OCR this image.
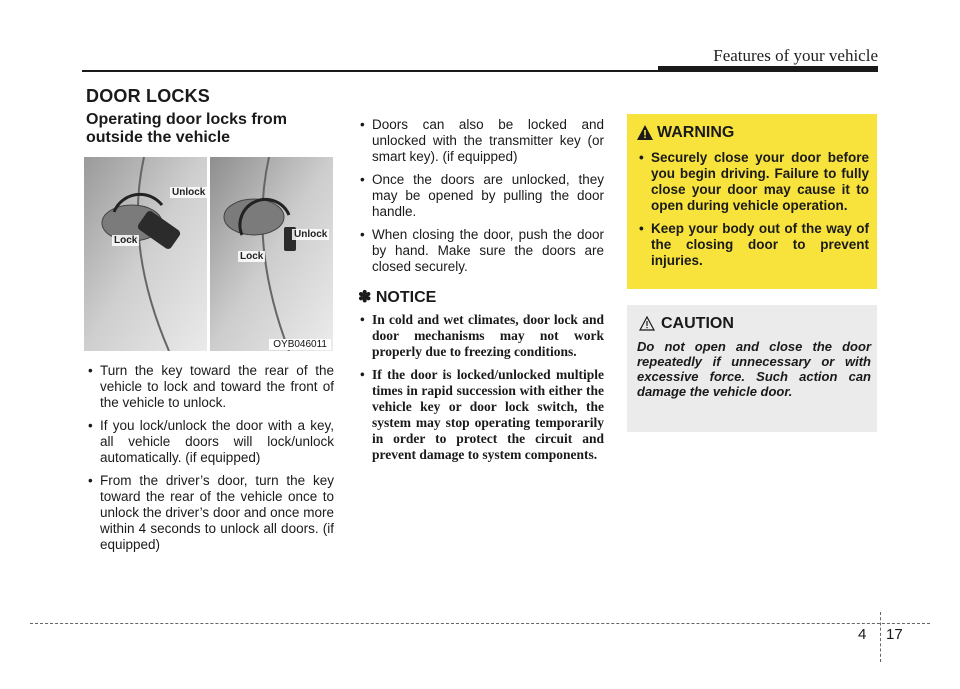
Features of your vehicle
DOOR LOCKS
Operating door locks from outside the vehicle
Unlock
Lock
Unlock
Lock
OYB046011
• Turn the key toward the rear of the vehicle to lock and toward the front of the vehicle to unlock.
• If you lock/unlock the door with a key, all vehicle doors will lock/unlock automatically. (if equipped)
• From the driver’s door, turn the key toward the rear of the vehicle once to unlock the driver’s door and once more within 4 seconds to unlock all doors. (if equipped)
• Doors can also be locked and unlocked with the transmitter key (or smart key). (if equipped)
• Once the doors are unlocked, they may be opened by pulling the door handle.
• When closing the door, push the door by hand. Make sure the doors are closed securely.
✽ NOTICE
• In cold and wet climates, door lock and door mechanisms may not work properly due to freezing conditions.
• If the door is locked/unlocked multiple times in rapid succession with either the vehicle key or door lock switch, the system may stop operating temporarily in order to protect the circuit and prevent damage to system components.
WARNING
• Securely close your door before you begin driving. Failure to fully close your door may cause it to open during vehicle operation.
• Keep your body out of the way of the closing door to prevent injuries.
CAUTION
Do not open and close the door repeatedly if unnecessary or with excessive force. Such action can damage the vehicle door.
4 17
